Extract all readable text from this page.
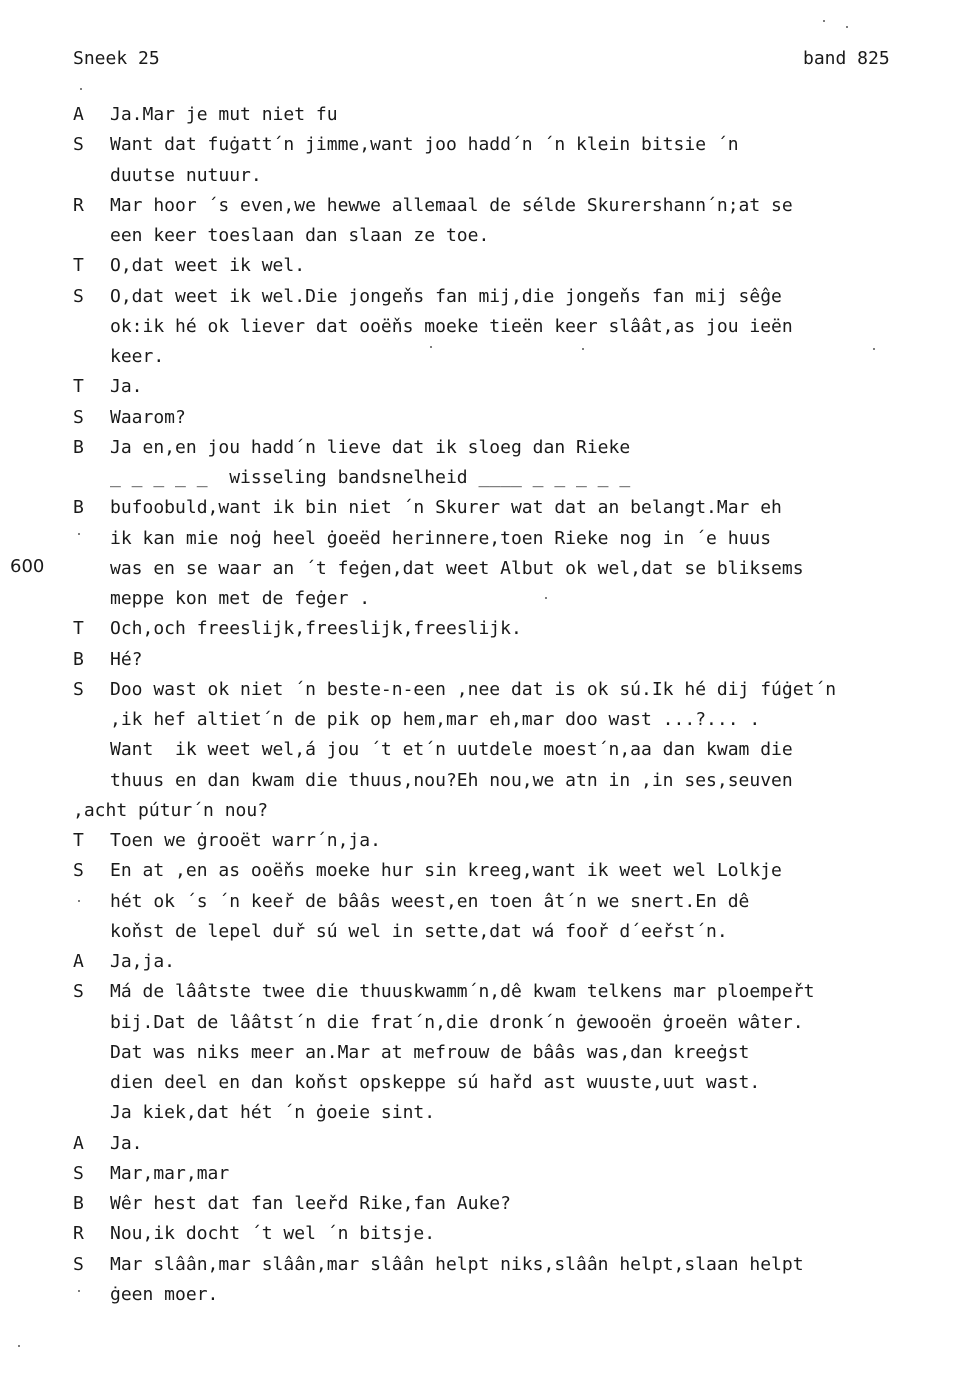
Sneek 25	band 825
600
A	Ja.Mar je mut niet fu
S	Want dat fuġatt´n jimme,want joo hadd´n ´n klein bitsie ´n
duutse nutuur.
R	Mar hoor ´s even,we hewwe allemaal de sélde Skurershann´n;at se
een keer toeslaan dan slaan ze toe.
T	O,dat weet ik wel.
S	O,dat weet ik wel.Die jongeňs fan mij,die jongeňs fan mij sêĝe
ok:ik hé ok liever dat ooëňs moeke tieën keer slâât,as jou ieën
keer.
T	Ja.
S	Waarom?
B	Ja en,en jou hadd´n lieve dat ik sloeg dan Rieke
_ _ _ _ _  wisseling bandsnelheid ____ _ _ _ _ _
B	bufoobuld,want ik bin niet ´n Skurer wat dat an belangt.Mar eh
ik kan mie noġ heel ġoeëd herinnere,toen Rieke nog in ´e huus
was en se waar an ´t feġen,dat weet Albut ok wel,dat se bliksems
meppe kon met de feġer .
T	Och,och freeslijk,freeslijk,freeslijk.
B	Hé?
S	Doo wast ok niet ´n beste-n-een ,nee dat is ok sú.Ik hé dij fúġet´n
,ik hef altiet´n de pik op hem,mar eh,mar doo wast ...?... .
Want  ik weet wel,á jou ´t et´n uutdele moest´n,aa dan kwam die
thuus en dan kwam die thuus,nou?Eh nou,we atn in ,in ses,seuven
,acht pútur´n nou?
T	Toen we ġrooët warr´n,ja.
S	En at ,en as ooëňs moeke hur sin kreeg,want ik weet wel Lolkje
hét ok ´s ´n keeř de bââs weest,en toen ât´n we snert.En dê
koňst de lepel duř sú wel in sette,dat wá fooř d´eeřst´n.
A	Ja,ja.
S	Má de lââtste twee die thuuskwamm´n,dê kwam telkens mar ploempeřt
bij.Dat de lââtst´n die frat´n,die dronk´n ġewooën ġroeën wâter.
Dat was niks meer an.Mar at mefrouw de bââs was,dan kreeġst
dien deel en dan koňst opskeppe sú hařd ast wuuste,uut wast.
Ja kiek,dat hét ´n ġoeie sint.
A	Ja.
S	Mar,mar,mar
B	Wêr hest dat fan leeřd Rike,fan Auke?
R	Nou,ik docht ´t wel ´n bitsje.
S	Mar slâân,mar slâân,mar slâân helpt niks,slâân helpt,slaan helpt
ġeen moer.
